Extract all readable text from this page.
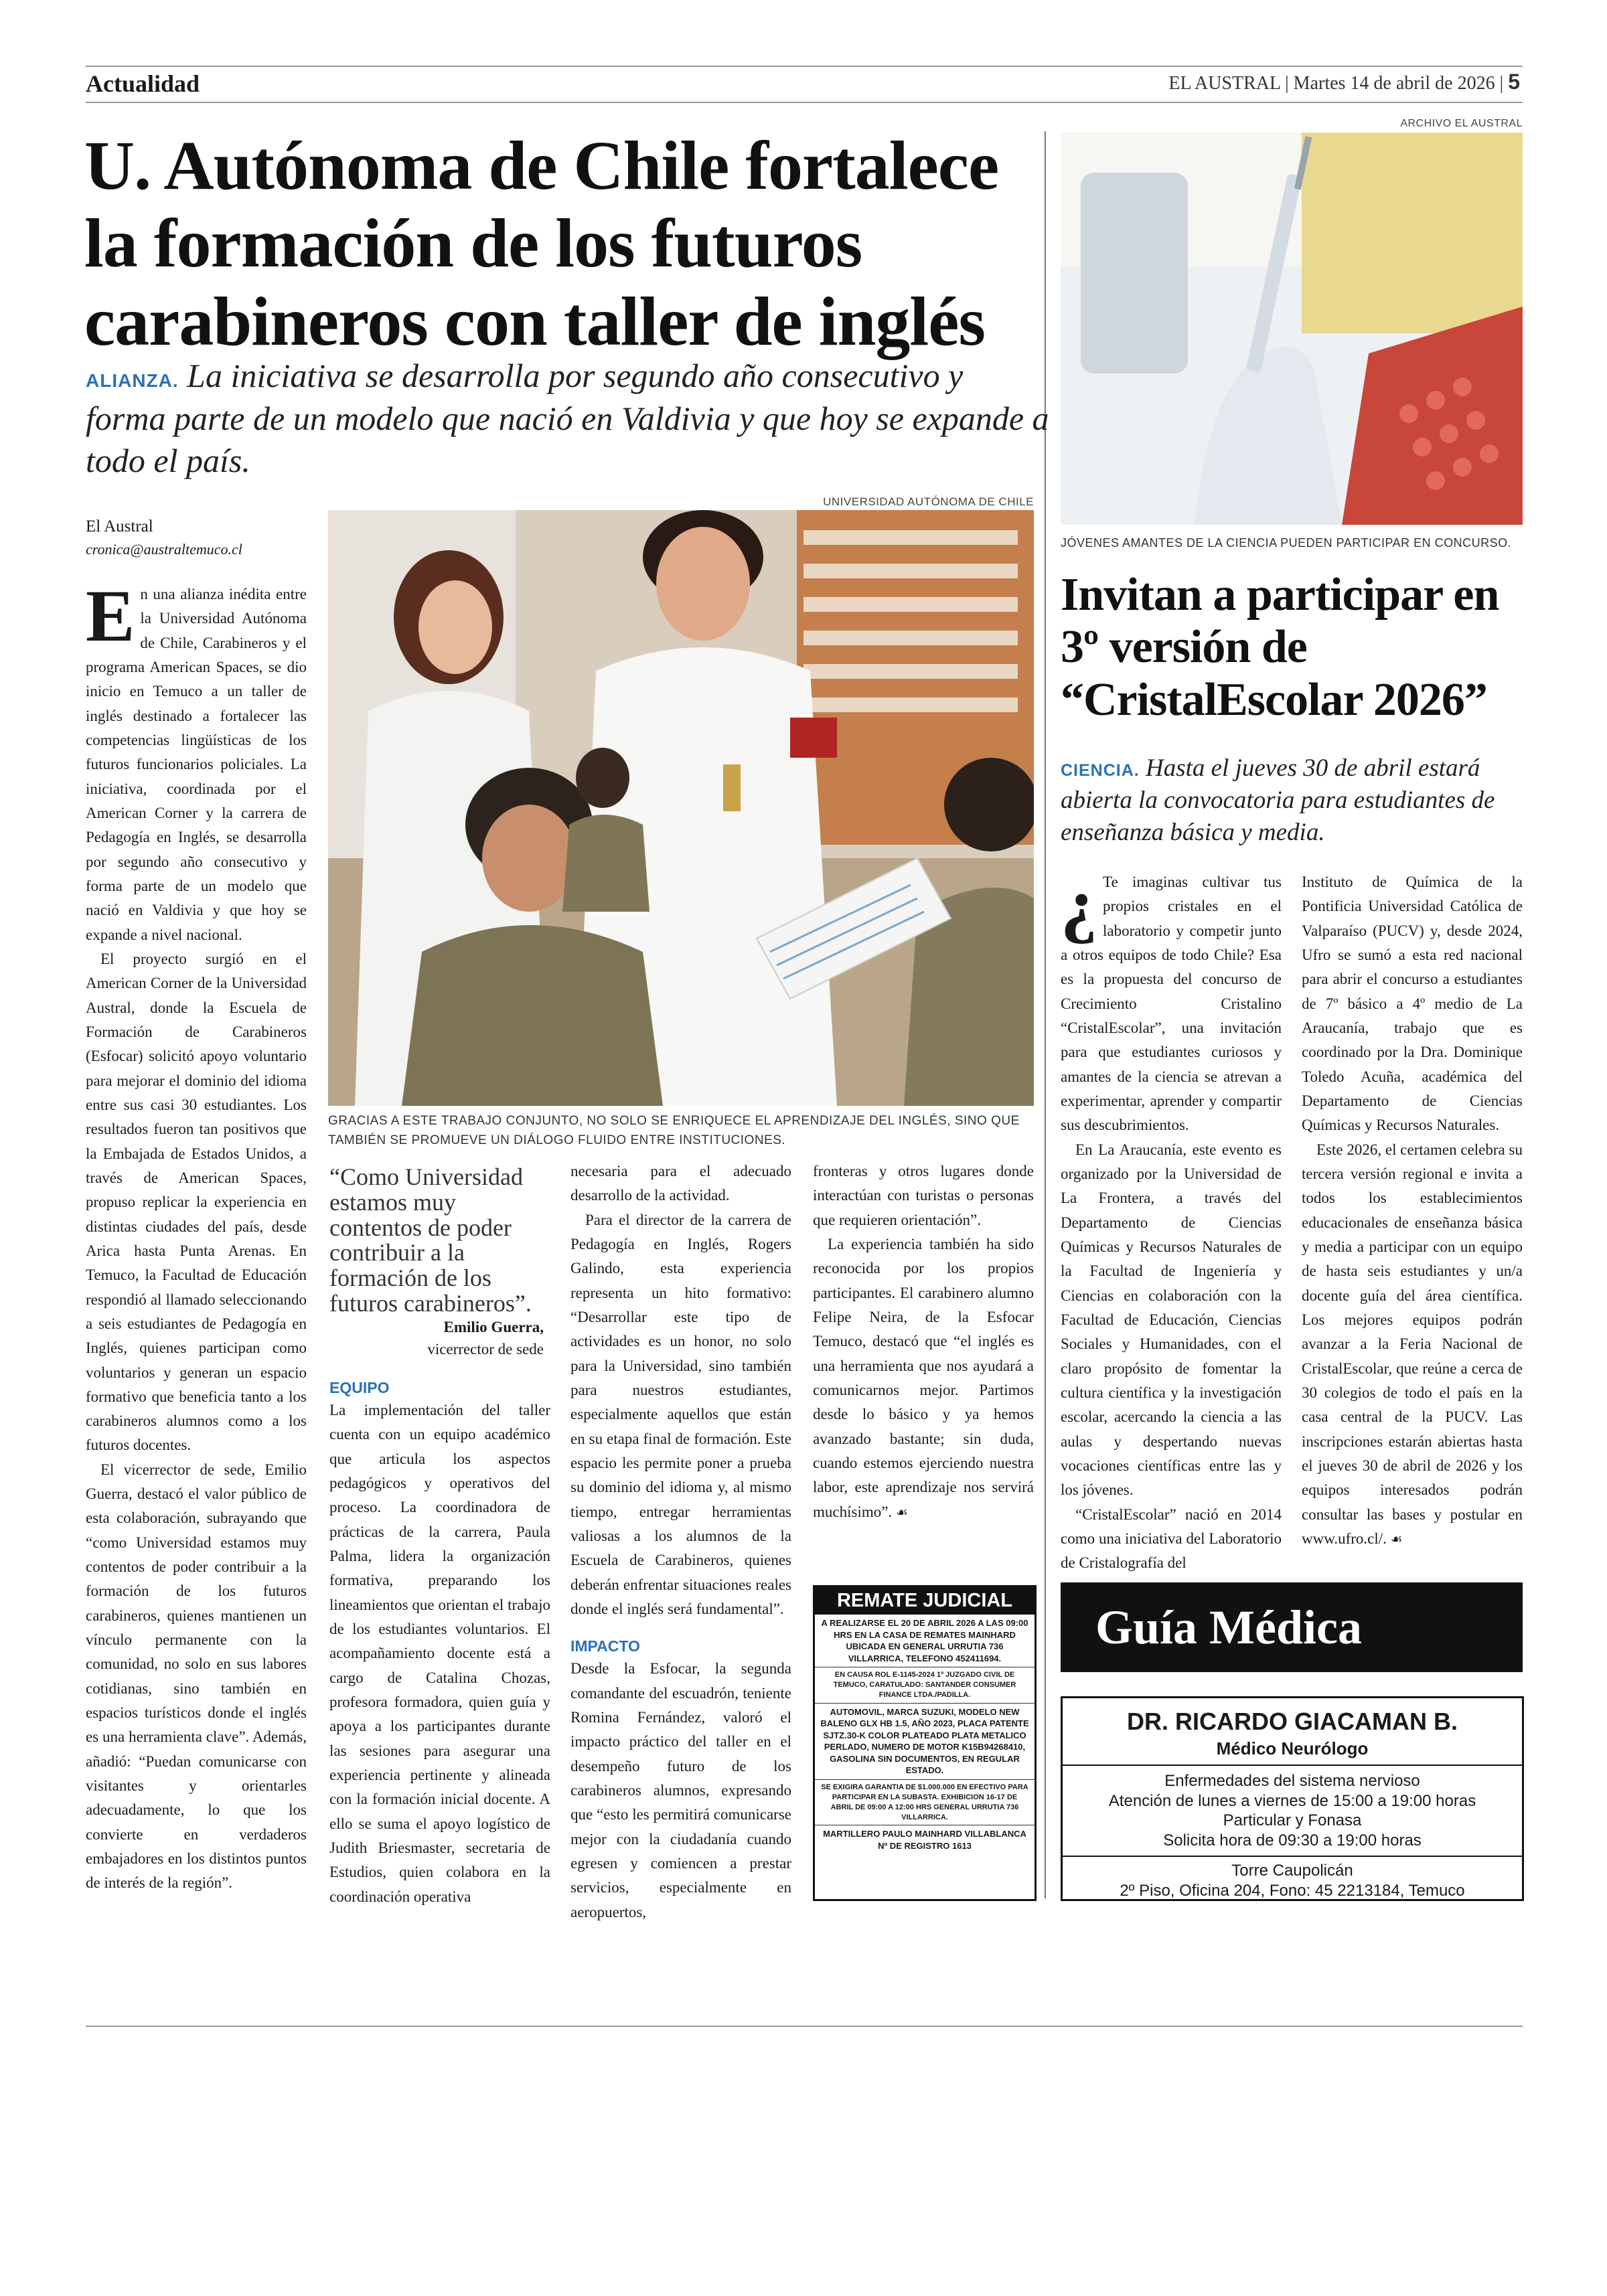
Actualidad	EL AUSTRAL | Martes 14 de abril de 2026 | 5
U. Autónoma de Chile fortalece la formación de los futuros carabineros con taller de inglés
ALIANZA. La iniciativa se desarrolla por segundo año consecutivo y forma parte de un modelo que nació en Valdivia y que hoy se expande a todo el país.
El Austral
cronica@australtemuco.cl
UNIVERSIDAD AUTÓNOMA DE CHILE
GRACIAS A ESTE TRABAJO CONJUNTO, NO SOLO SE ENRIQUECE EL APRENDIZAJE DEL INGLÉS, SINO QUE TAMBIÉN SE PROMUEVE UN DIÁLOGO FLUIDO ENTRE INSTITUCIONES.

En una alianza inédita entre la Universidad Autónoma de Chile, Carabineros y el programa American Spaces, se dio inicio en Temuco a un taller de inglés destinado a fortalecer las competencias lingüísticas de los futuros funcionarios policiales. La iniciativa, coordinada por el American Corner y la carrera de Pedagogía en Inglés, se desarrolla por segundo año consecutivo y forma parte de un modelo que nació en Valdivia y que hoy se expande a nivel nacional.

El proyecto surgió en el American Corner de la Universidad Austral, donde la Escuela de Formación de Carabineros (Esfocar) solicitó apoyo voluntario para mejorar el dominio del idioma entre sus casi 30 estudiantes. Los resultados fueron tan positivos que la Embajada de Estados Unidos, a través de American Spaces, propuso replicar la experiencia en distintas ciudades del país, desde Arica hasta Punta Arenas. En Temuco, la Facultad de Educación respondió al llamado seleccionando a seis estudiantes de Pedagogía en Inglés, quienes participan como voluntarios y generan un espacio formativo que beneficia tanto a los carabineros alumnos como a los futuros docentes.

El vicerrector de sede, Emilio Guerra, destacó el valor público de esta colaboración, subrayando que “como Universidad estamos muy contentos de poder contribuir a la formación de los futuros carabineros, quienes mantienen un vínculo permanente con la comunidad, no solo en sus labores cotidianas, sino también en espacios turísticos donde el inglés es una herramienta clave”. Además, añadió: “Puedan comunicarse con visitantes y orientarles adecuadamente, lo que los convierte en verdaderos embajadores en los distintos puntos de interés de la región”.

“Como Universidad estamos muy contentos de poder contribuir a la formación de los futuros carabineros”.
Emilio Guerra,
vicerrector de sede
EQUIPO

La implementación del taller cuenta con un equipo académico que articula los aspectos pedagógicos y operativos del proceso. La coordinadora de prácticas de la carrera, Paula Palma, lidera la organización formativa, preparando los lineamientos que orientan el trabajo de los estudiantes voluntarios. El acompañamiento docente está a cargo de Catalina Chozas, profesora formadora, quien guía y apoya a los participantes durante las sesiones para asegurar una experiencia pertinente y alineada con la formación inicial docente. A ello se suma el apoyo logístico de Judith Briesmaster, secretaria de Estudios, quien colabora en la coordinación operativa

necesaria para el adecuado desarrollo de la actividad.

Para el director de la carrera de Pedagogía en Inglés, Rogers Galindo, esta experiencia representa un hito formativo: “Desarrollar este tipo de actividades es un honor, no solo para la Universidad, sino también para nuestros estudiantes, especialmente aquellos que están en su etapa final de formación. Este espacio les permite poner a prueba su dominio del idioma y, al mismo tiempo, entregar herramientas valiosas a los alumnos de la Escuela de Carabineros, quienes deberán enfrentar situaciones reales donde el inglés será fundamental”.

IMPACTO

Desde la Esfocar, la segunda comandante del escuadrón, teniente Romina Fernández, valoró el impacto práctico del taller en el desempeño futuro de los carabineros alumnos, expresando que “esto les permitirá comunicarse mejor con la ciudadanía cuando egresen y comiencen a prestar servicios, especialmente en aeropuertos,

fronteras y otros lugares donde interactúan con turistas o personas que requieren orientación”.

La experiencia también ha sido reconocida por los propios participantes. El carabinero alumno Felipe Neira, de la Esfocar Temuco, destacó que “el inglés es una herramienta que nos ayudará a comunicarnos mejor. Partimos desde lo básico y ya hemos avanzado bastante; sin duda, cuando estemos ejerciendo nuestra labor, este aprendizaje nos servirá muchísimo”. ☙

REMATE JUDICIAL
A REALIZARSE EL 20 DE ABRIL 2026 A LAS 09:00 HRS EN LA CASA DE REMATES MAINHARD UBICADA EN GENERAL URRUTIA 736 VILLARRICA, TELEFONO 452411694.
EN CAUSA ROL E-1145-2024 1º JUZGADO CIVIL DE TEMUCO, CARATULADO: SANTANDER CONSUMER FINANCE LTDA./PADILLA.
AUTOMOVIL, MARCA SUZUKI, MODELO NEW BALENO GLX HB 1.5, AÑO 2023, PLACA PATENTE SJTZ.30-K COLOR PLATEADO PLATA METALICO PERLADO, NUMERO DE MOTOR K15B94268410, GASOLINA SIN DOCUMENTOS, EN REGULAR ESTADO.
SE EXIGIRA GARANTIA DE $1.000.000 EN EFECTIVO PARA PARTICIPAR EN LA SUBASTA. EXHIBICION 16-17 DE ABRIL DE 09:00 A 12:00 HRS GENERAL URRUTIA 736 VILLARRICA.
MARTILLERO PAULO MAINHARD VILLABLANCA Nº DE REGISTRO 1613
ARCHIVO EL AUSTRAL
JÓVENES AMANTES DE LA CIENCIA PUEDEN PARTICIPAR EN CONCURSO.
Invitan a participar en 3º versión de “CristalEscolar 2026”
CIENCIA. Hasta el jueves 30 de abril estará abierta la convocatoria para estudiantes de enseñanza básica y media.

¿ Te imaginas cultivar tus propios cristales en el laboratorio y competir junto a otros equipos de todo Chile? Esa es la propuesta del concurso de Crecimiento Cristalino “CristalEscolar”, una invitación para que estudiantes curiosos y amantes de la ciencia se atrevan a experimentar, aprender y compartir sus descubrimientos.

En La Araucanía, este evento es organizado por la Universidad de La Frontera, a través del Departamento de Ciencias Químicas y Recursos Naturales de la Facultad de Ingeniería y Ciencias en colaboración con la Facultad de Educación, Ciencias Sociales y Humanidades, con el claro propósito de fomentar la cultura científica y la investigación escolar, acercando la ciencia a las aulas y despertando nuevas vocaciones científicas entre las y los jóvenes.

“CristalEscolar” nació en 2014 como una iniciativa del Laboratorio de Cristalografía del

Instituto de Química de la Pontificia Universidad Católica de Valparaíso (PUCV) y, desde 2024, Ufro se sumó a esta red nacional para abrir el concurso a estudiantes de 7º básico a 4º medio de La Araucanía, trabajo que es coordinado por la Dra. Dominique Toledo Acuña, académica del Departamento de Ciencias Químicas y Recursos Naturales.

Este 2026, el certamen celebra su tercera versión regional e invita a todos los establecimientos educacionales de enseñanza básica y media a participar con un equipo de hasta seis estudiantes y un/a docente guía del área científica. Los mejores equipos podrán avanzar a la Feria Nacional de CristalEscolar, que reúne a cerca de 30 colegios de todo el país en la casa central de la PUCV. Las inscripciones estarán abiertas hasta el jueves 30 de abril de 2026 y los equipos interesados podrán consultar las bases y postular en www.ufro.cl/. ☙

Guía Médica
DR. RICARDO GIACAMAN B.
Médico Neurólogo
Enfermedades del sistema nervioso
Atención de lunes a viernes de 15:00 a 19:00 horas
Particular y Fonasa
Solicita hora de 09:30 a 19:00 horas
Torre Caupolicán
2º Piso, Oficina 204, Fono: 45 2213184, Temuco
